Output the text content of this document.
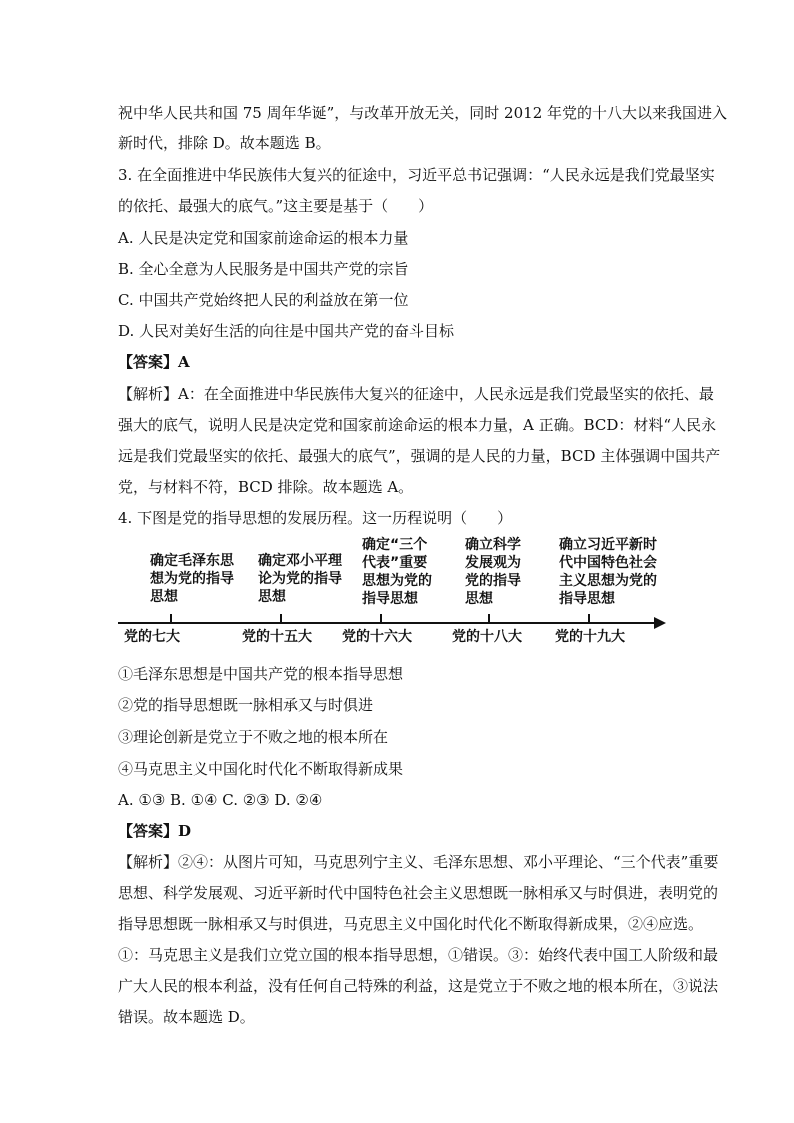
祝中华人民共和国 75 周年华诞”，与改革开放无关，同时 2012 年党的十八大以来我国进入
新时代，排除 D。故本题选 B。
3. 在全面推进中华民族伟大复兴的征途中，习近平总书记强调：“人民永远是我们党最坚实
的依托、最强大的底气。”这主要是基于（　　）
A. 人民是决定党和国家前途命运的根本力量
B. 全心全意为人民服务是中国共产党的宗旨
C. 中国共产党始终把人民的利益放在第一位
D. 人民对美好生活的向往是中国共产党的奋斗目标
【答案】A
【解析】A：在全面推进中华民族伟大复兴的征途中，人民永远是我们党最坚实的依托、最
强大的底气，说明人民是决定党和国家前途命运的根本力量，A 正确。BCD：材料“人民永
远是我们党最坚实的依托、最强大的底气”，强调的是人民的力量，BCD 主体强调中国共产
党，与材料不符，BCD 排除。故本题选 A。
4. 下图是党的指导思想的发展历程。这一历程说明（　　）
确定毛泽东思
想为党的指导
思想
确定邓小平理
论为党的指导
思想
确定“三个
代表”重要
思想为党的
指导思想
确立科学
发展观为
党的指导
思想
确立习近平新时
代中国特色社会
主义思想为党的
指导思想
党的七大	党的十五大 党的十六大	党的十八大 党的十九大
①毛泽东思想是中国共产党的根本指导思想
②党的指导思想既一脉相承又与时俱进
③理论创新是党立于不败之地的根本所在
④马克思主义中国化时代化不断取得新成果
A. ①③ B. ①④ C. ②③ D. ②④
【答案】D
【解析】②④：从图片可知，马克思列宁主义、毛泽东思想、邓小平理论、“三个代表”重要
思想、科学发展观、习近平新时代中国特色社会主义思想既一脉相承又与时俱进，表明党的
指导思想既一脉相承又与时俱进，马克思主义中国化时代化不断取得新成果，②④应选。
①：马克思主义是我们立党立国的根本指导思想，①错误。③：始终代表中国工人阶级和最
广大人民的根本利益，没有任何自己特殊的利益，这是党立于不败之地的根本所在，③说法
错误。故本题选 D。
